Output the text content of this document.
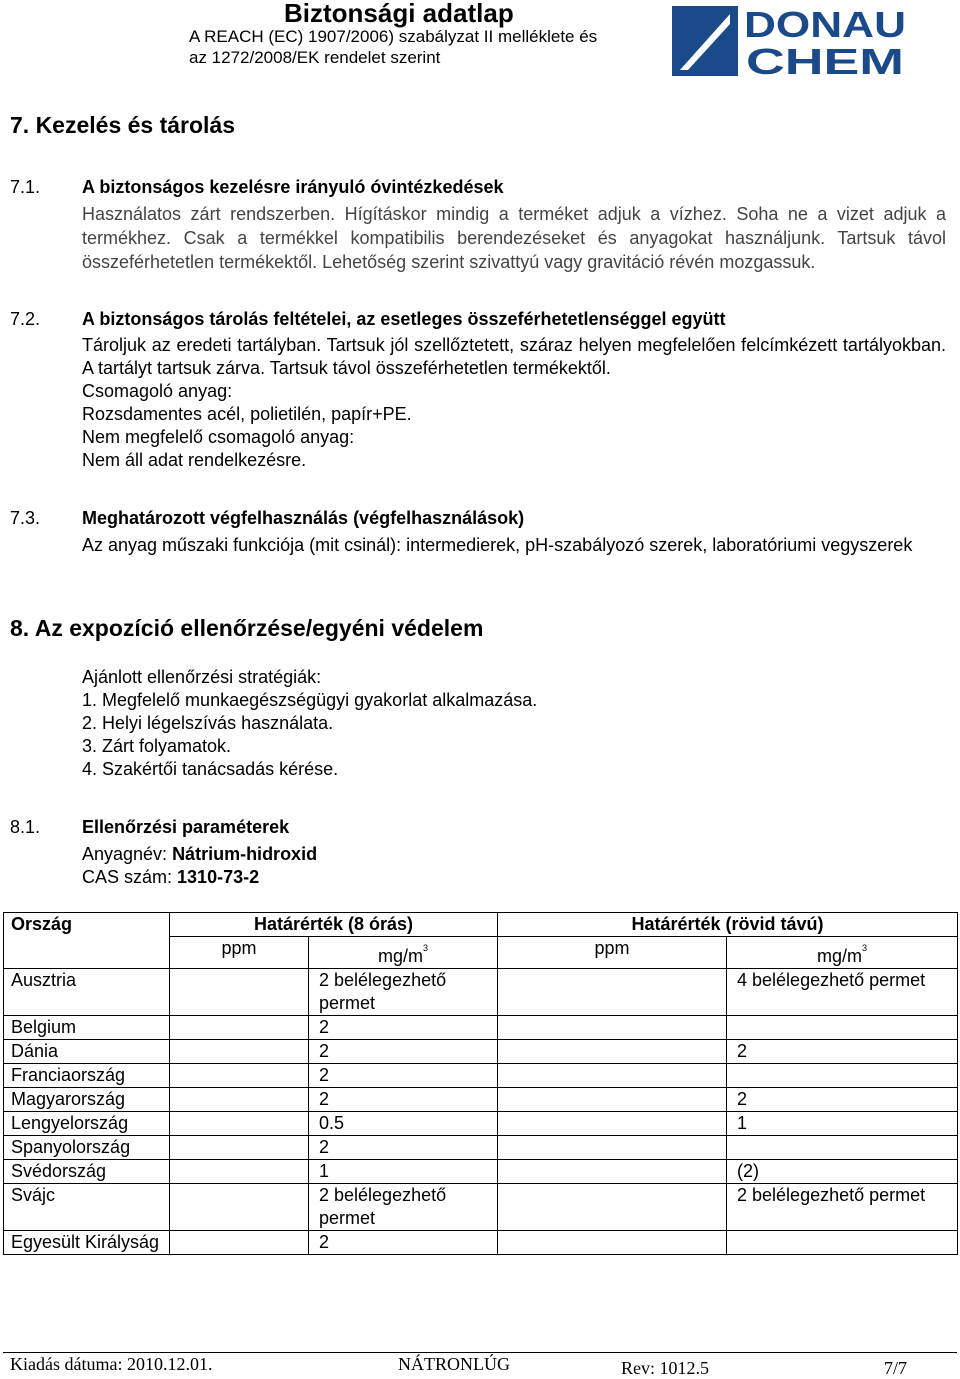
Biztonsági adatlap
A REACH (EC) 1907/2006) szabályzat II melléklete és
az 1272/2008/EK rendelet szerint
DONAU
CHEM
7. Kezelés és tárolás
7.1. A biztonságos kezelésre irányuló óvintézkedések
Használatos zárt rendszerben. Hígításkor mindig a terméket adjuk a vízhez. Soha ne a vizet adjuk a termékhez. Csak a termékkel kompatibilis berendezéseket és anyagokat használjunk. Tartsuk távol összeférhetetlen termékektől. Lehetőség szerint szivattyú vagy gravitáció révén mozgassuk.
7.2. A biztonságos tárolás feltételei, az esetleges összeférhetetlenséggel együtt
Tároljuk az eredeti tartályban. Tartsuk jól szellőztetett, száraz helyen megfelelően felcímkézett tartályokban. A tartályt tartsuk zárva. Tartsuk távol összeférhetetlen termékektől.
Csomagoló anyag:
Rozsdamentes acél, polietilén, papír+PE.
Nem megfelelő csomagoló anyag:
Nem áll adat rendelkezésre.
7.3. Meghatározott végfelhasználás (végfelhasználások)
Az anyag műszaki funkciója (mit csinál): intermedierek, pH-szabályozó szerek, laboratóriumi vegyszerek
8. Az expozíció ellenőrzése/egyéni védelem
Ajánlott ellenőrzési stratégiák:
1. Megfelelő munkaegészségügyi gyakorlat alkalmazása.
2. Helyi légelszívás használata.
3. Zárt folyamatok.
4. Szakértői tanácsadás kérése.
8.1. Ellenőrzési paraméterek
Anyagnév: Nátrium-hidroxid
CAS szám: 1310-73-2
Ország	Határérték (8 órás)		Határérték (rövid távú)	
	ppm	$mg/m^3$	ppm	$mg/m^3$
Ausztria		2 belélegezhető permet		4 belélegezhető permet
Belgium		2		
Dánia		2		2
Franciaország		2		
Magyarország		2		2
Lengyelország		0.5		1
Spanyolország		2		
Svédország		1		(2)
Svájc		2 belélegezhető permet		2 belélegezhető permet
Egyesült Királyság		2		
Kiadás dátuma: 2010.12.01.	NÁTRONLÚG	Rev: 1012.5	7/7
